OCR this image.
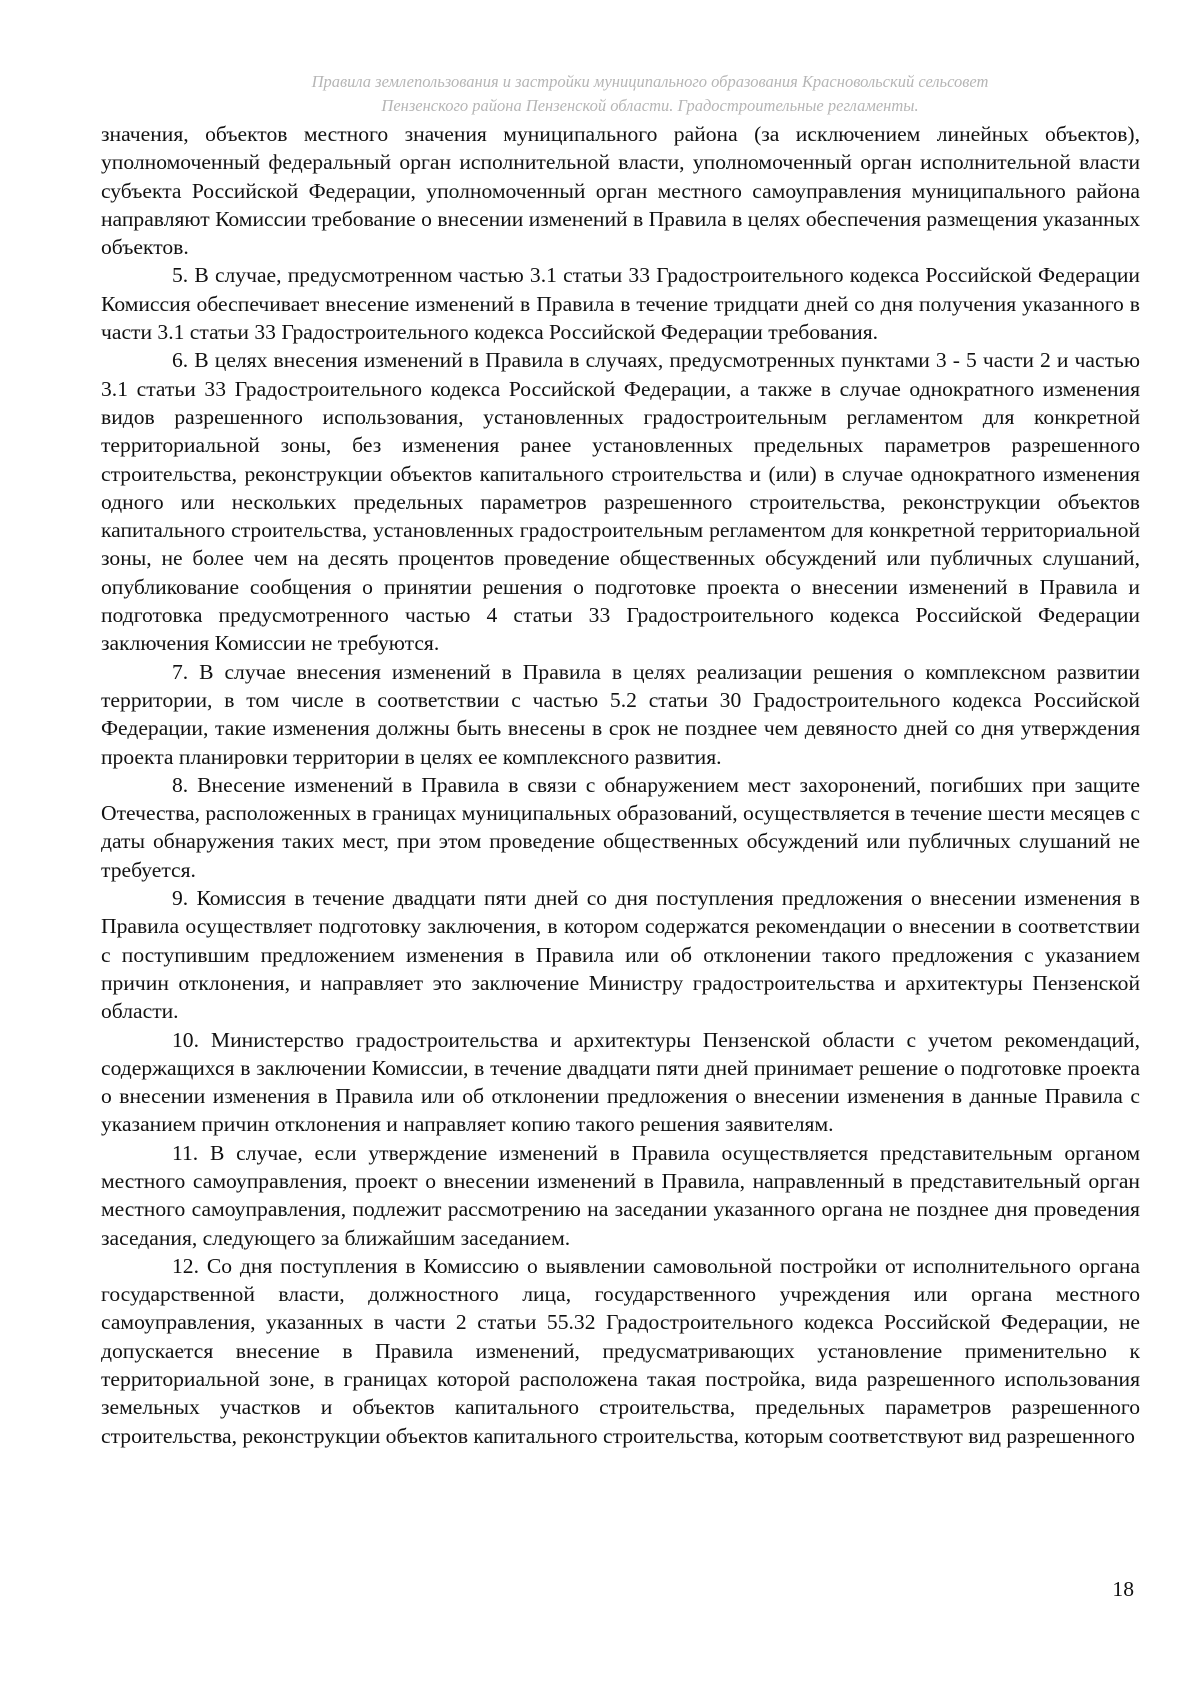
Правила землепользования и застройки муниципального образования Красновольский сельсовет
Пензенского района Пензенской области. Градостроительные регламенты.

значения, объектов местного значения муниципального района (за исключением линейных объектов), уполномоченный федеральный орган исполнительной власти, уполномоченный орган исполнительной власти субъекта Российской Федерации, уполномоченный орган местного самоуправления муниципального района направляют Комиссии требование о внесении изменений в Правила в целях обеспечения размещения указанных объектов.

5. В случае, предусмотренном частью 3.1 статьи 33 Градостроительного кодекса Российской Федерации Комиссия обеспечивает внесение изменений в Правила в течение тридцати дней со дня получения указанного в части 3.1 статьи 33 Градостроительного кодекса Российской Федерации требования.

6. В целях внесения изменений в Правила в случаях, предусмотренных пунктами 3 - 5 части 2 и частью 3.1 статьи 33 Градостроительного кодекса Российской Федерации, а также в случае однократного изменения видов разрешенного использования, установленных градостроительным регламентом для конкретной территориальной зоны, без изменения ранее установленных предельных параметров разрешенного строительства, реконструкции объектов капитального строительства и (или) в случае однократного изменения одного или нескольких предельных параметров разрешенного строительства, реконструкции объектов капитального строительства, установленных градостроительным регламентом для конкретной территориальной зоны, не более чем на десять процентов проведение общественных обсуждений или публичных слушаний, опубликование сообщения о принятии решения о подготовке проекта о внесении изменений в Правила и подготовка предусмотренного частью 4 статьи 33 Градостроительного кодекса Российской Федерации заключения Комиссии не требуются.

7. В случае внесения изменений в Правила в целях реализации решения о комплексном развитии территории, в том числе в соответствии с частью 5.2 статьи 30 Градостроительного кодекса Российской Федерации, такие изменения должны быть внесены в срок не позднее чем девяносто дней со дня утверждения проекта планировки территории в целях ее комплексного развития.

8. Внесение изменений в Правила в связи с обнаружением мест захоронений, погибших при защите Отечества, расположенных в границах муниципальных образований, осуществляется в течение шести месяцев с даты обнаружения таких мест, при этом проведение общественных обсуждений или публичных слушаний не требуется.

9. Комиссия в течение двадцати пяти дней со дня поступления предложения о внесении изменения в Правила осуществляет подготовку заключения, в котором содержатся рекомендации о внесении в соответствии с поступившим предложением изменения в Правила или об отклонении такого предложения с указанием причин отклонения, и направляет это заключение Министру градостроительства и архитектуры Пензенской области.

10. Министерство градостроительства и архитектуры Пензенской области с учетом рекомендаций, содержащихся в заключении Комиссии, в течение двадцати пяти дней принимает решение о подготовке проекта о внесении изменения в Правила или об отклонении предложения о внесении изменения в данные Правила с указанием причин отклонения и направляет копию такого решения заявителям.

11. В случае, если утверждение изменений в Правила осуществляется представительным органом местного самоуправления, проект о внесении изменений в Правила, направленный в представительный орган местного самоуправления, подлежит рассмотрению на заседании указанного органа не позднее дня проведения заседания, следующего за ближайшим заседанием.

12. Со дня поступления в Комиссию о выявлении самовольной постройки от исполнительного органа государственной власти, должностного лица, государственного учреждения или органа местного самоуправления, указанных в части 2 статьи 55.32 Градостроительного кодекса Российской Федерации, не допускается внесение в Правила изменений, предусматривающих установление применительно к территориальной зоне, в границах которой расположена такая постройка, вида разрешенного использования земельных участков и объектов капитального строительства, предельных параметров разрешенного строительства, реконструкции объектов капитального строительства, которым соответствуют вид разрешенного

18
